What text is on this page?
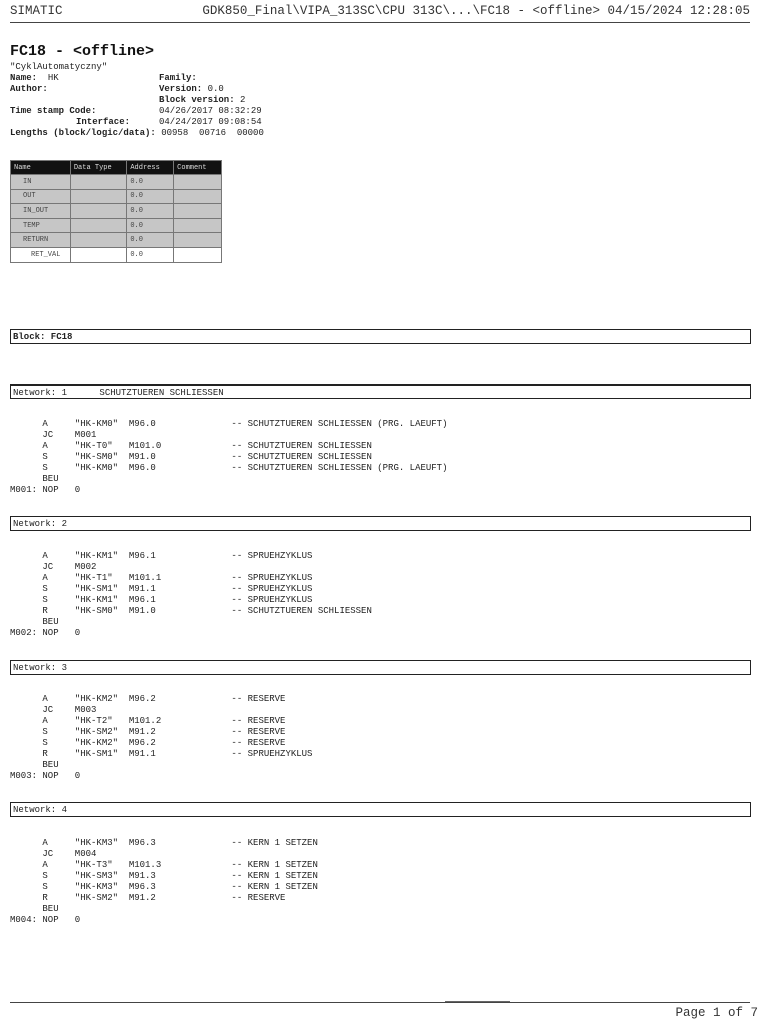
SIMATIC	GDK850_Final\VIPA_313SC\CPU 313C\...\FC18 - <offline> 04/15/2024 12:28:05
FC18 - <offline>
"CyklAutomatyczny"
Name: HK	Family:
Author:	Version: 0.0
Block version: 2
Time stamp Code:	04/26/2017 08:32:29
Interface:	04/24/2017 09:08:54
Lengths (block/logic/data): 00958  00716  00000
Name	Data Type	Address	Comment
IN		0.0	
OUT		0.0	
IN_OUT		0.0	
TEMP		0.0	
RETURN		0.0	
RET_VAL		0.0	
Block: FC18
Network: 1      SCHUTZTUEREN SCHLIESSEN
A     "HK-KM0"  M96.0              -- SCHUTZTUEREN SCHLIESSEN (PRG. LAEUFT)
JC    M001
A     "HK-T0"   M101.0             -- SCHUTZTUEREN SCHLIESSEN
S     "HK-SM0"  M91.0              -- SCHUTZTUEREN SCHLIESSEN
S     "HK-KM0"  M96.0              -- SCHUTZTUEREN SCHLIESSEN (PRG. LAEUFT)
BEU
M001: NOP   0
Network: 2
A     "HK-KM1"  M96.1              -- SPRUEHZYKLUS
JC    M002
A     "HK-T1"   M101.1             -- SPRUEHZYKLUS
S     "HK-SM1"  M91.1              -- SPRUEHZYKLUS
S     "HK-KM1"  M96.1              -- SPRUEHZYKLUS
R     "HK-SM0"  M91.0              -- SCHUTZTUEREN SCHLIESSEN
BEU
M002: NOP   0
Network: 3
A     "HK-KM2"  M96.2              -- RESERVE
JC    M003
A     "HK-T2"   M101.2             -- RESERVE
S     "HK-SM2"  M91.2              -- RESERVE
S     "HK-KM2"  M96.2              -- RESERVE
R     "HK-SM1"  M91.1              -- SPRUEHZYKLUS
BEU
M003: NOP   0
Network: 4
A     "HK-KM3"  M96.3              -- KERN 1 SETZEN
JC    M004
A     "HK-T3"   M101.3             -- KERN 1 SETZEN
S     "HK-SM3"  M91.3              -- KERN 1 SETZEN
S     "HK-KM3"  M96.3              -- KERN 1 SETZEN
R     "HK-SM2"  M91.2              -- RESERVE
BEU
M004: NOP   0
Page 1 of 7
